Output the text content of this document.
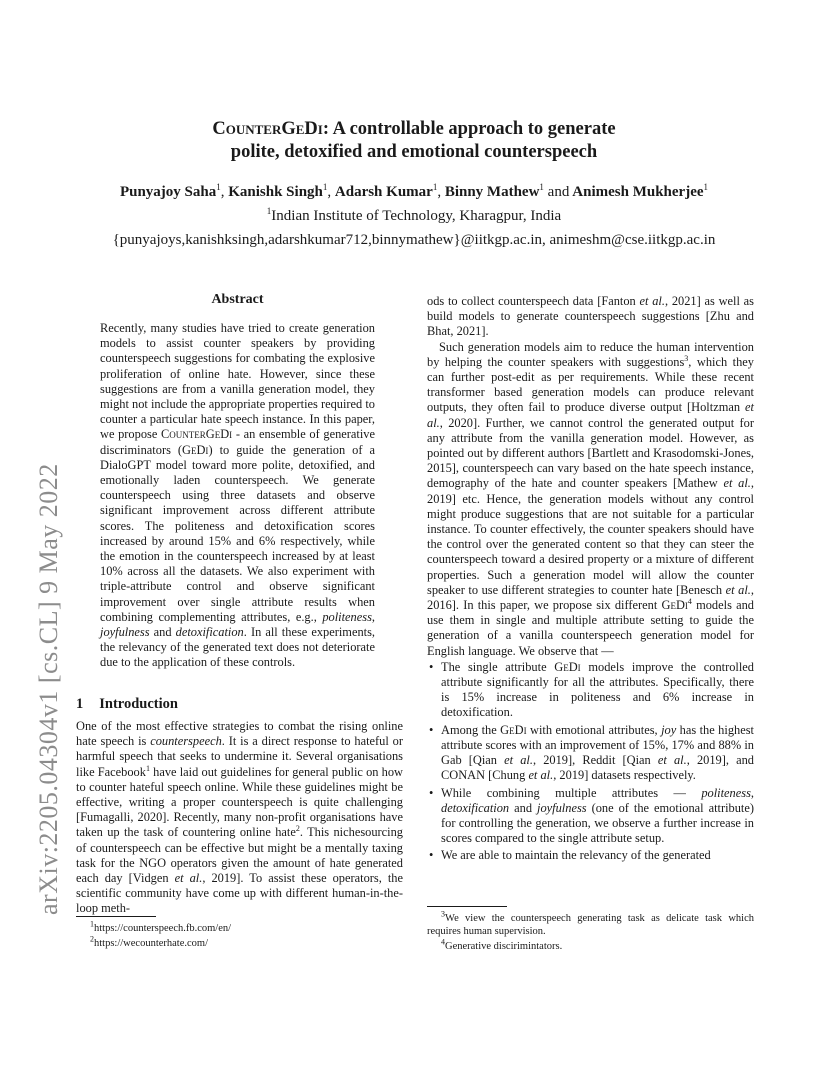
CounterGeDi: A controllable approach to generate
polite, detoxified and emotional counterspeech
Punyajoy Saha$^1$, Kanishk Singh$^1$, Adarsh Kumar$^1$, Binny Mathew$^1$ and Animesh Mukherjee$^1$
$^1$Indian Institute of Technology, Kharagpur, India
{punyajoys,kanishksingh,adarshkumar712,binnymathew}@iitkgp.ac.in, animeshm@cse.iitkgp.ac.in
arXiv:2205.04304v1 [cs.CL] 9 May 2022
Abstract

Recently, many studies have tried to create generation models to assist counter speakers by providing counterspeech suggestions for combating the explosive proliferation of online hate. However, since these suggestions are from a vanilla generation model, they might not include the appropriate properties required to counter a particular hate speech instance. In this paper, we propose CounterGeDi - an ensemble of generative discriminators (GeDi) to guide the generation of a DialoGPT model toward more polite, detoxified, and emotionally laden counterspeech. We generate counterspeech using three datasets and observe significant improvement across different attribute scores. The politeness and detoxification scores increased by around 15% and 6% respectively, while the emotion in the counterspeech increased by at least 10% across all the datasets. We also experiment with triple-attribute control and observe significant improvement over single attribute results when combining complementing attributes, e.g., politeness, joyfulness and detoxification. In all these experiments, the relevancy of the generated text does not deteriorate due to the application of these controls.

1 Introduction

One of the most effective strategies to combat the rising online hate speech is counterspeech. It is a direct response to hateful or harmful speech that seeks to undermine it. Several organisations like Facebook$^1$ have laid out guidelines for general public on how to counter hateful speech online. While these guidelines might be effective, writing a proper counterspeech is quite challenging [Fumagalli, 2020]. Recently, many non-profit organisations have taken up the task of countering online hate$^2$. This nichesourcing of counterspeech can be effective but might be a mentally taxing task for the NGO operators given the amount of hate generated each day [Vidgen et al., 2019]. To assist these operators, the scientific community have come up with different human-in-the-loop meth-

$^1$https://counterspeech.fb.com/en/
$^2$https://wecounterhate.com/

ods to collect counterspeech data [Fanton et al., 2021] as well as build models to generate counterspeech suggestions [Zhu and Bhat, 2021].

Such generation models aim to reduce the human intervention by helping the counter speakers with suggestions$^3$, which they can further post-edit as per requirements. While these recent transformer based generation models can produce relevant outputs, they often fail to produce diverse output [Holtzman et al., 2020]. Further, we cannot control the generated output for any attribute from the vanilla generation model. However, as pointed out by different authors [Bartlett and Krasodomski-Jones, 2015], counterspeech can vary based on the hate speech instance, demography of the hate and counter speakers [Mathew et al., 2019] etc. Hence, the generation models without any control might produce suggestions that are not suitable for a particular instance. To counter effectively, the counter speakers should have the control over the generated content so that they can steer the counterspeech toward a desired property or a mixture of different properties. Such a generation model will allow the counter speaker to use different strategies to counter hate [Benesch et al., 2016]. In this paper, we propose six different GeDi$^4$ models and use them in single and multiple attribute setting to guide the generation of a vanilla counterspeech generation model for English language. We observe that —

• The single attribute GeDi models improve the controlled attribute significantly for all the attributes. Specifically, there is 15% increase in politeness and 6% increase in detoxification.
• Among the GeDi with emotional attributes, joy has the highest attribute scores with an improvement of 15%, 17% and 88% in Gab [Qian et al., 2019], Reddit [Qian et al., 2019], and CONAN [Chung et al., 2019] datasets respectively.
• While combining multiple attributes — politeness, detoxification and joyfulness (one of the emotional attribute) for controlling the generation, we observe a further increase in scores compared to the single attribute setup.
• We are able to maintain the relevancy of the generated
$^3$We view the counterspeech generating task as delicate task which requires human supervision.
$^4$Generative discirimintators.
